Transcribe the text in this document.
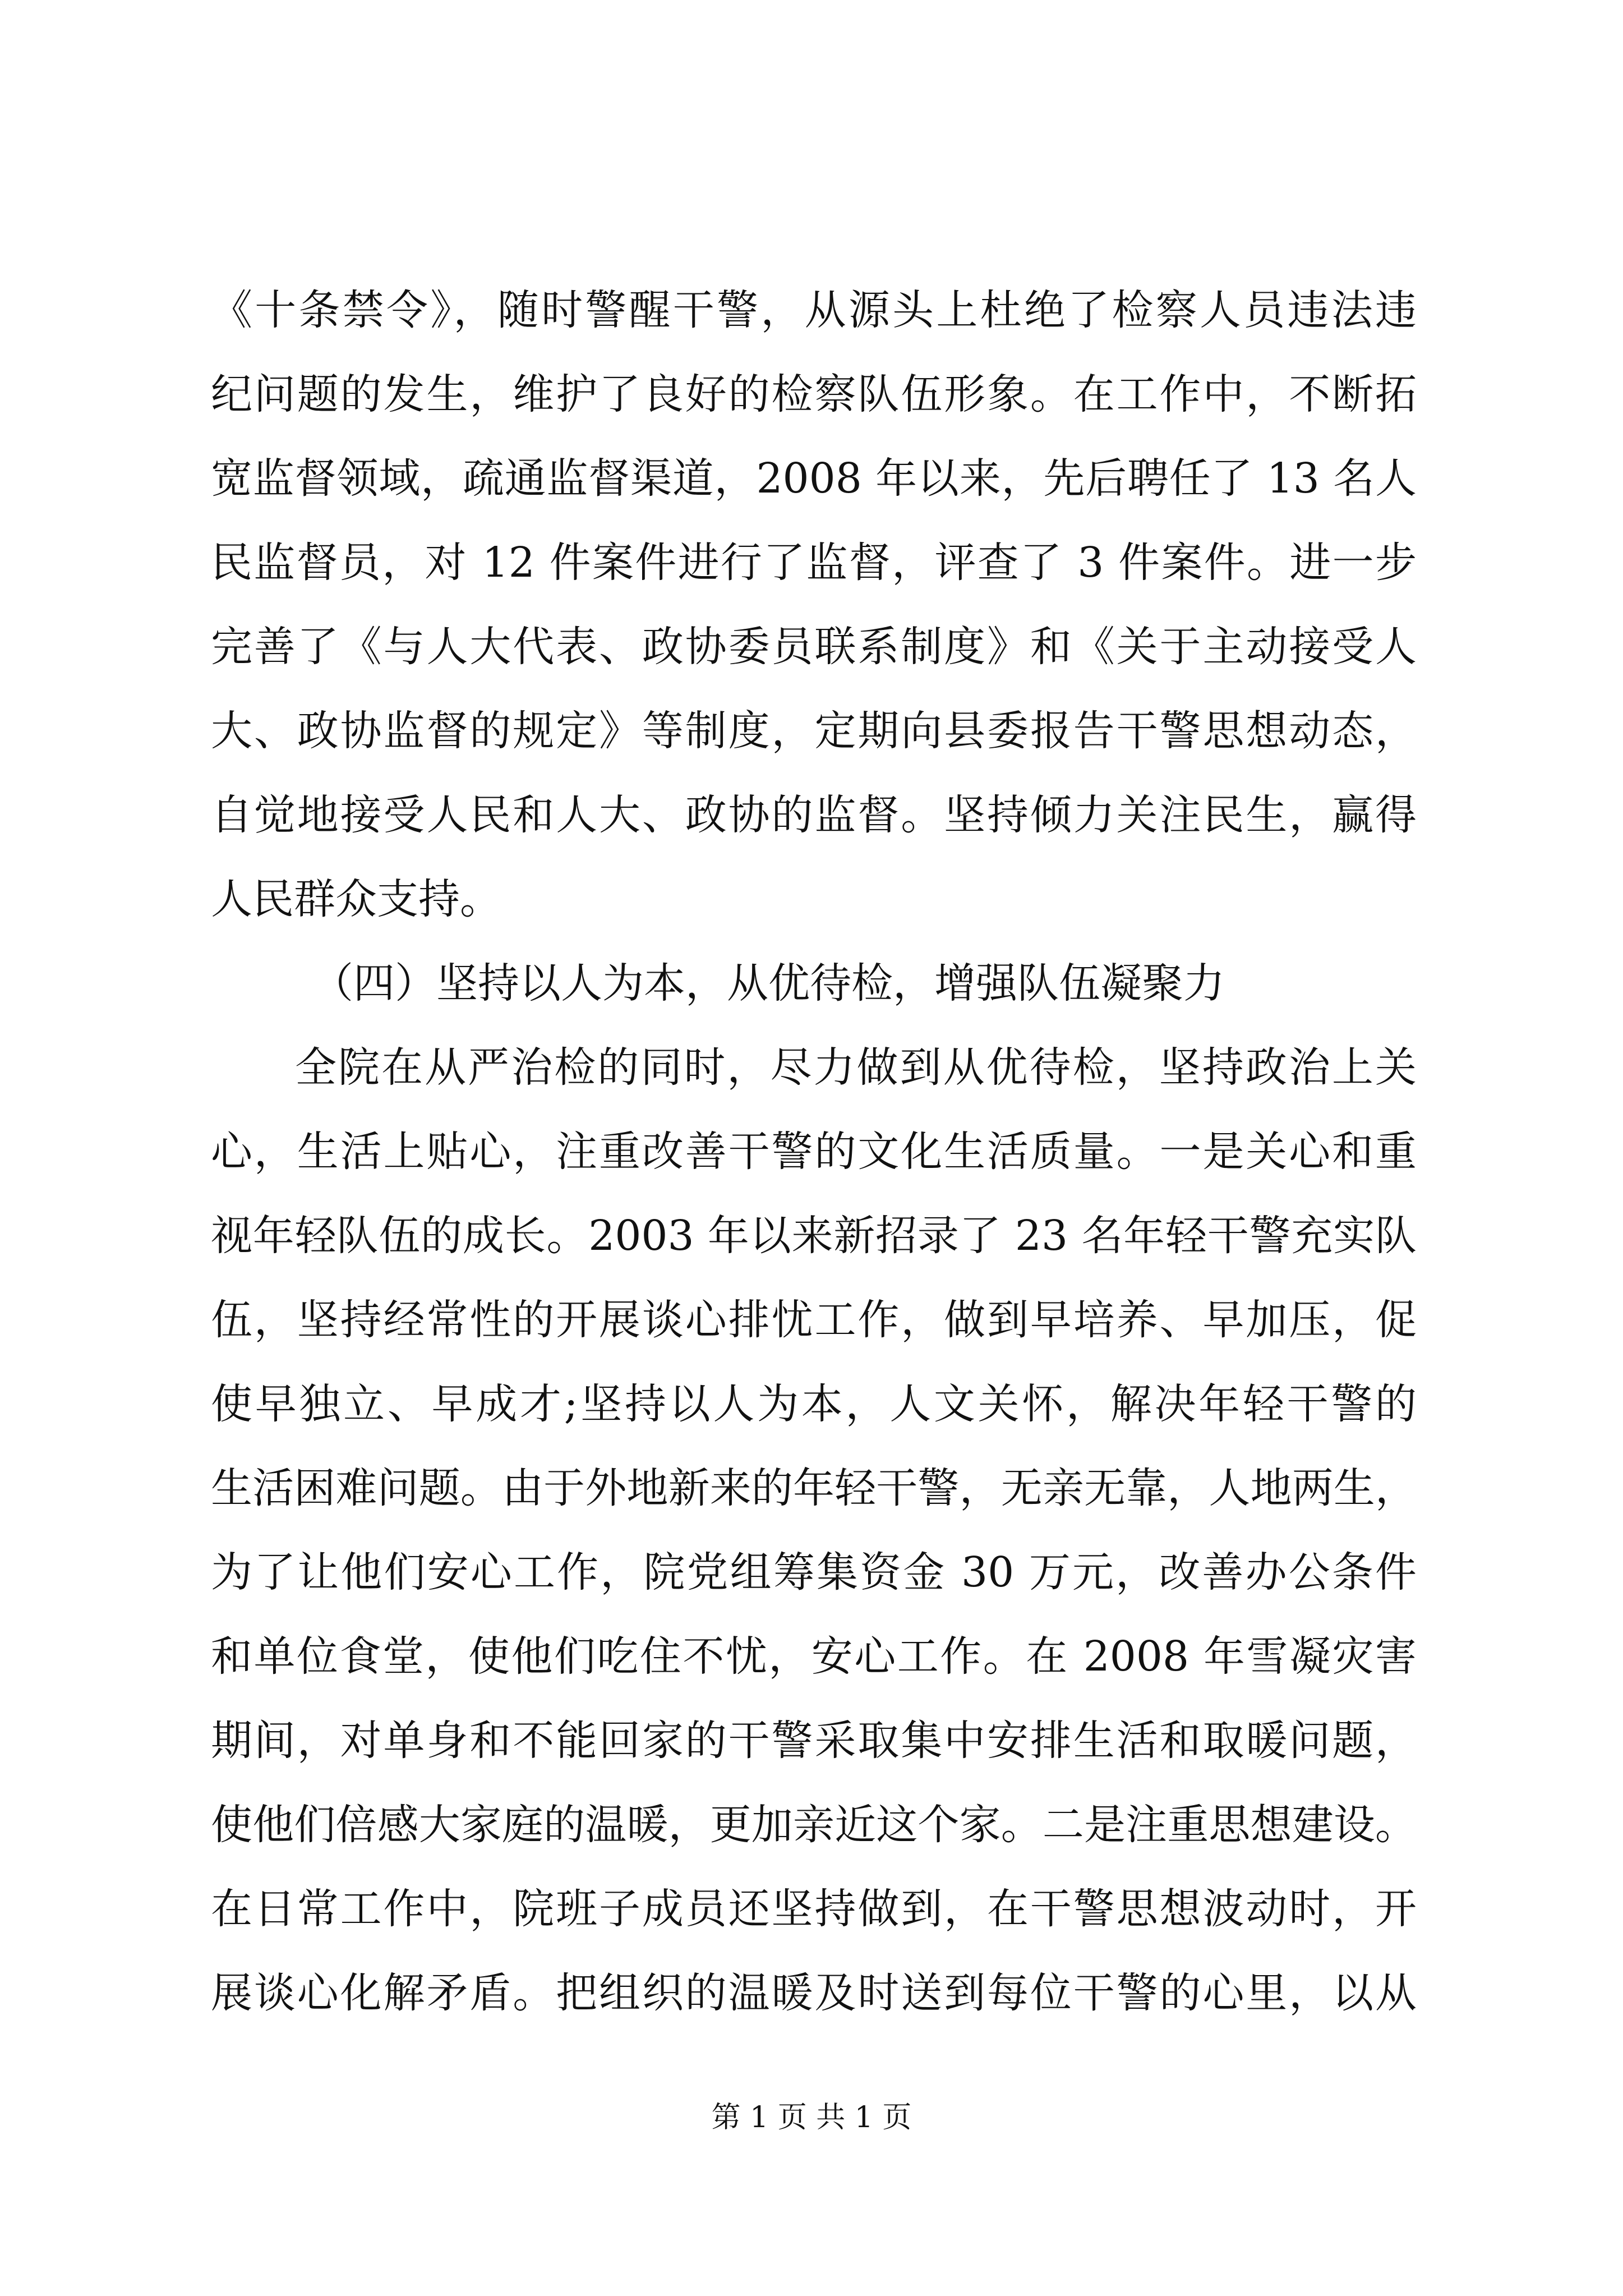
《十条禁令》，随时警醒干警，从源头上杜绝了检察人员违法违
纪问题的发生，维护了良好的检察队伍形象。在工作中，不断拓
宽监督领域，疏通监督渠道，2008 年以来，先后聘任了 13 名人
民监督员，对 12 件案件进行了监督，评查了 3 件案件。进一步
完善了《与人大代表、政协委员联系制度》和《关于主动接受人
大、政协监督的规定》等制度，定期向县委报告干警思想动态，
自觉地接受人民和人大、政协的监督。坚持倾力关注民生，赢得
人民群众支持。
（四）坚持以人为本，从优待检，增强队伍凝聚力
全院在从严治检的同时，尽力做到从优待检，坚持政治上关
心，生活上贴心，注重改善干警的文化生活质量。一是关心和重
视年轻队伍的成长。2003 年以来新招录了 23 名年轻干警充实队
伍，坚持经常性的开展谈心排忧工作，做到早培养、早加压，促
使早独立、早成才;坚持以人为本，人文关怀，解决年轻干警的
生活困难问题。由于外地新来的年轻干警，无亲无靠，人地两生，
为了让他们安心工作，院党组筹集资金 30 万元，改善办公条件
和单位食堂，使他们吃住不忧，安心工作。在 2008 年雪凝灾害
期间，对单身和不能回家的干警采取集中安排生活和取暖问题，
使他们倍感大家庭的温暖，更加亲近这个家。二是注重思想建设。
在日常工作中，院班子成员还坚持做到，在干警思想波动时，开
展谈心化解矛盾。把组织的温暖及时送到每位干警的心里，以从
第 1 页 共 1 页
